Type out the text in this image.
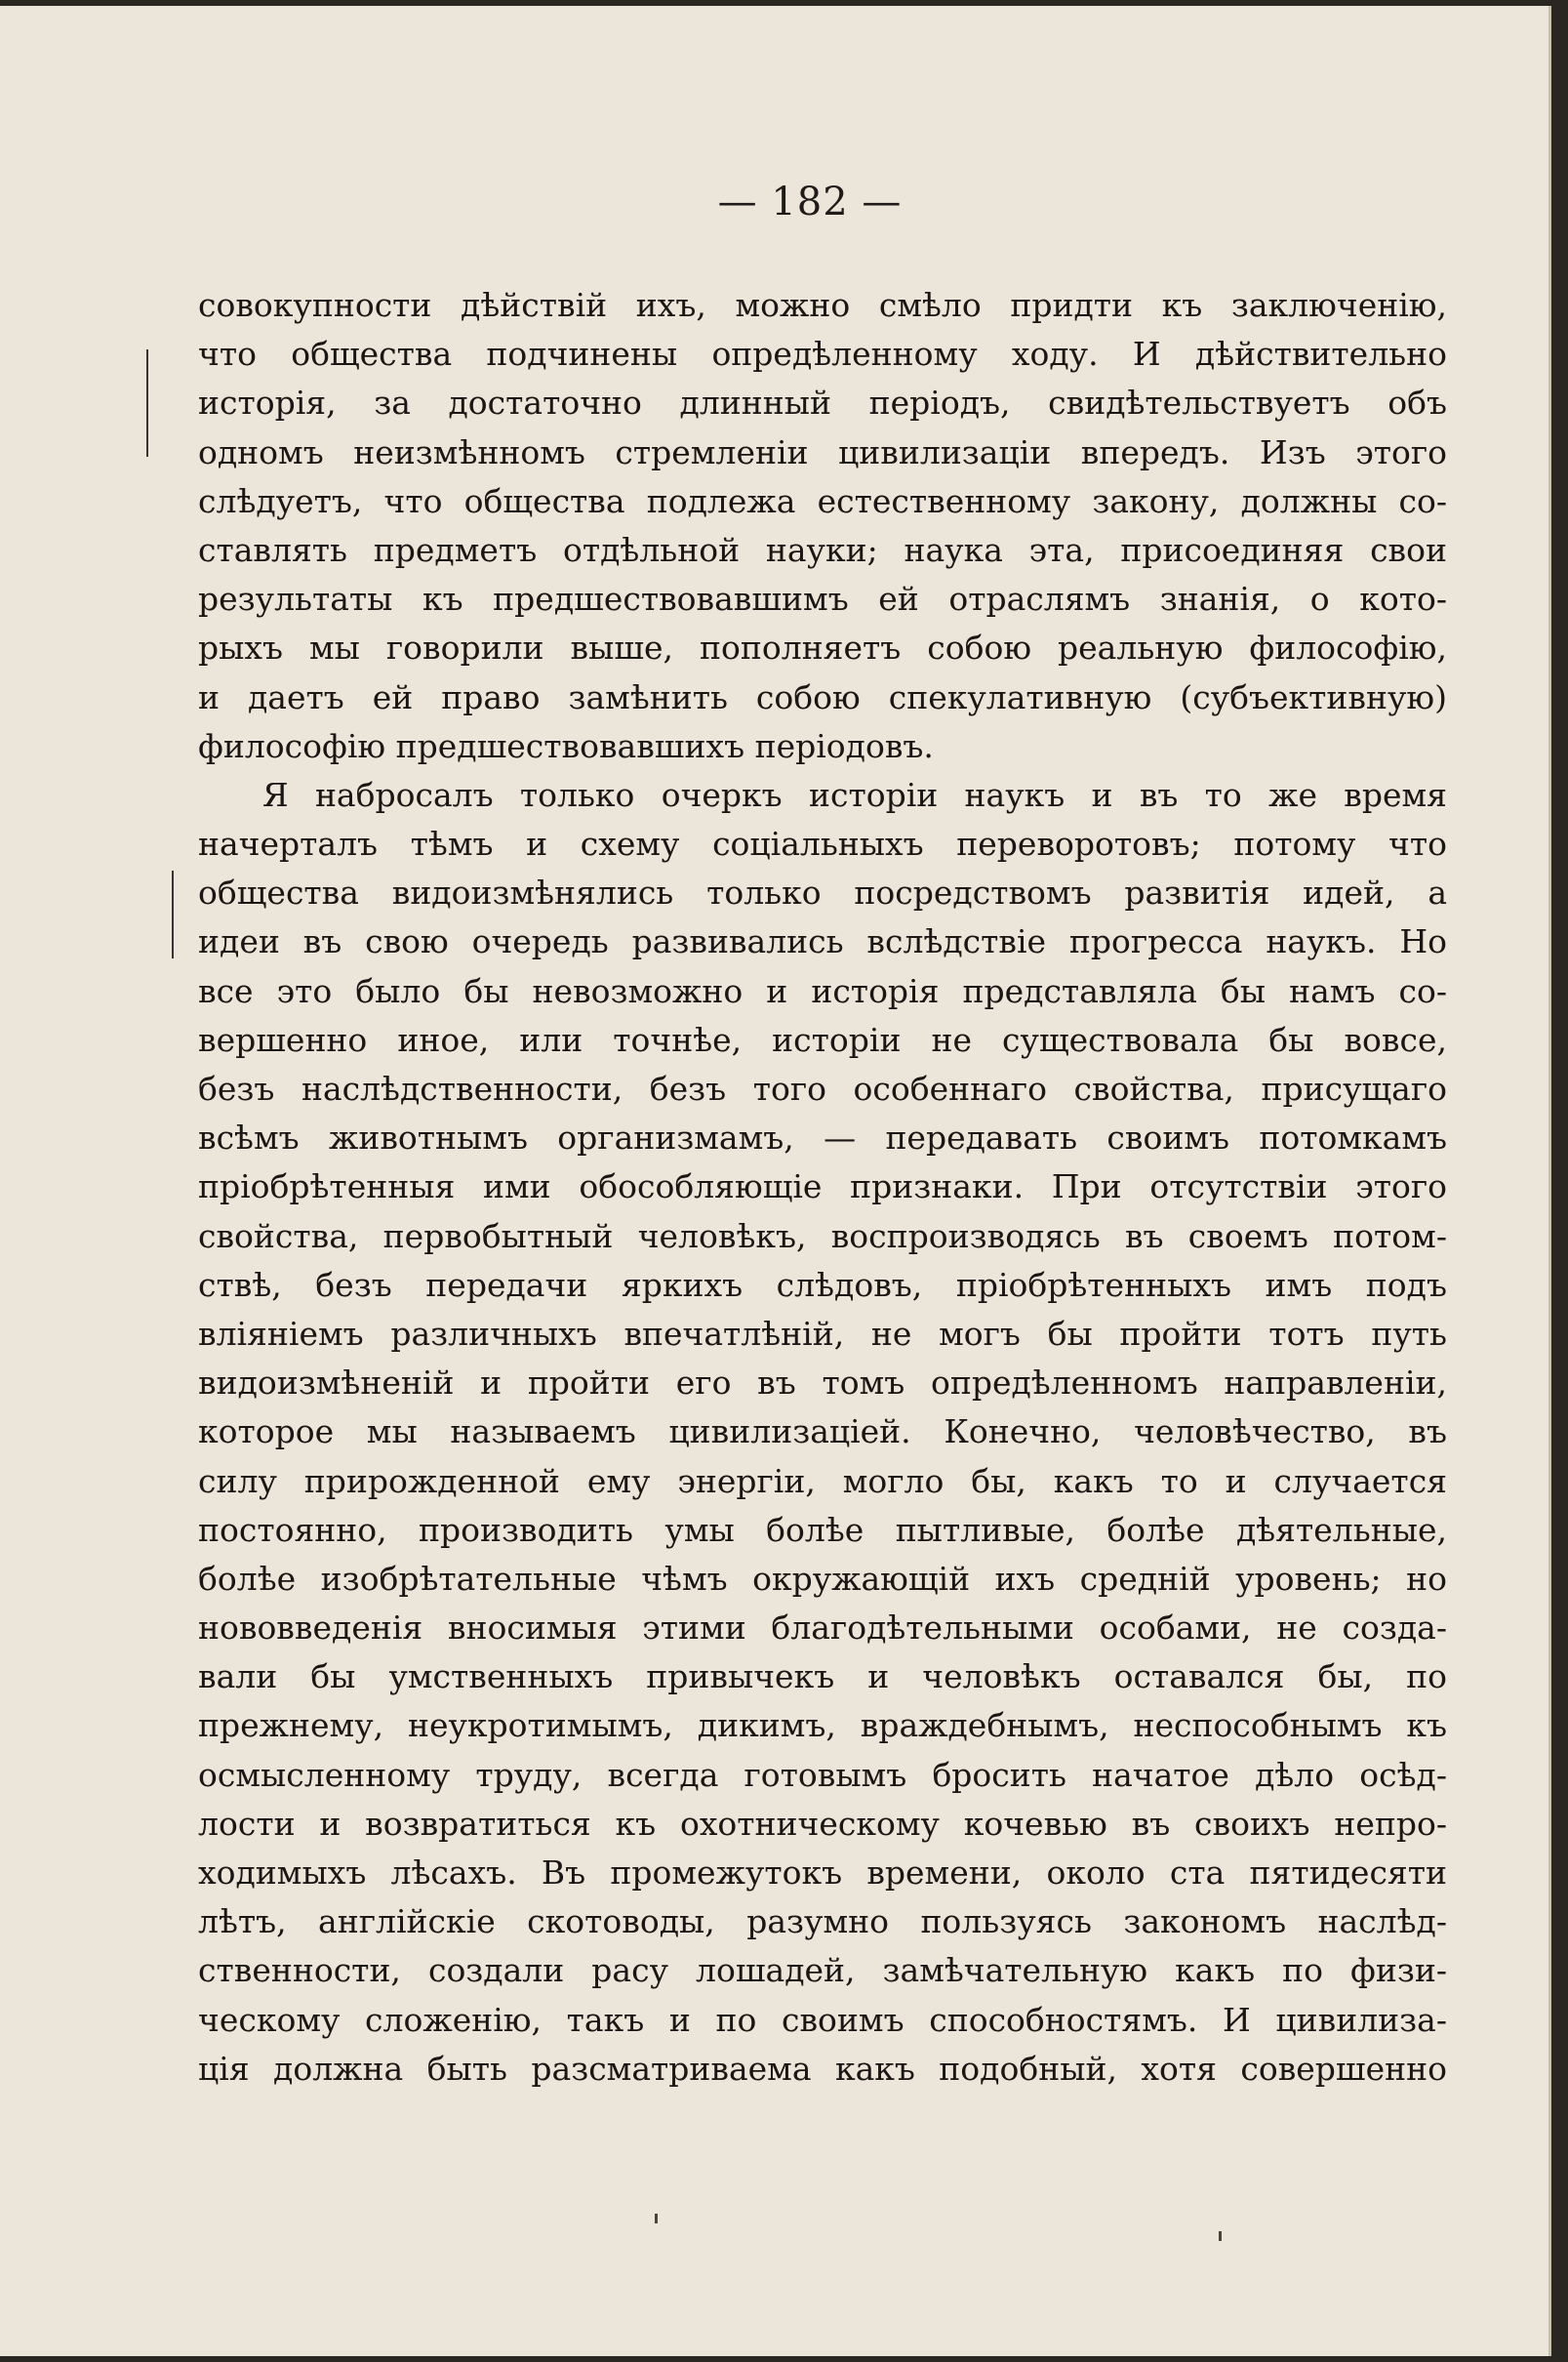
— 182 —
совокупности дѣйствій ихъ, можно смѣло придти къ заключенію,
что общества подчинены опредѣленному ходу. И дѣйствительно
исторія, за достаточно длинный періодъ, свидѣтельствуетъ объ
одномъ неизмѣнномъ стремленіи цивилизаціи впередъ. Изъ этого
слѣдуетъ, что общества подлежа естественному закону, должны со-
ставлять предметъ отдѣльной науки; наука эта, присоединяя свои
результаты къ предшествовавшимъ ей отраслямъ знанія, о кото-
рыхъ мы говорили выше, пополняетъ собою реальную философію,
и даетъ ей право замѣнить собою спекулативную (субъективную)
философію предшествовавшихъ періодовъ.
Я набросалъ только очеркъ исторіи наукъ и въ то же время
начерталъ тѣмъ и схему соціальныхъ переворотовъ; потому что
общества видоизмѣнялись только посредствомъ развитія идей, а
идеи въ свою очередь развивались вслѣдствіе прогресса наукъ. Но
все это было бы невозможно и исторія представляла бы намъ со-
вершенно иное, или точнѣе, исторіи не существовала бы вовсе,
безъ наслѣдственности, безъ того особеннаго свойства, присущаго
всѣмъ животнымъ организмамъ, — передавать своимъ потомкамъ
пріобрѣтенныя ими обособляющіе признаки. При отсутствіи этого
свойства, первобытный человѣкъ, воспроизводясь въ своемъ потом-
ствѣ, безъ передачи яркихъ слѣдовъ, пріобрѣтенныхъ имъ подъ
вліяніемъ различныхъ впечатлѣній, не могъ бы пройти тотъ путь
видоизмѣненій и пройти его въ томъ опредѣленномъ направленіи,
которое мы называемъ цивилизаціей. Конечно, человѣчество, въ
силу прирожденной ему энергіи, могло бы, какъ то и случается
постоянно, производить умы болѣе пытливые, болѣе дѣятельные,
болѣе изобрѣтательные чѣмъ окружающій ихъ средній уровень; но
нововведенія вносимыя этими благодѣтельными особами, не созда-
вали бы умственныхъ привычекъ и человѣкъ оставался бы, по
прежнему, неукротимымъ, дикимъ, враждебнымъ, неспособнымъ къ
осмысленному труду, всегда готовымъ бросить начатое дѣло осѣд-
лости и возвратиться къ охотническому кочевью въ своихъ непро-
ходимыхъ лѣсахъ. Въ промежутокъ времени, около ста пятидесяти
лѣтъ, англійскіе скотоводы, разумно пользуясь закономъ наслѣд-
ственности, создали расу лошадей, замѣчательную какъ по физи-
ческому сложенію, такъ и по своимъ способностямъ. И цивилиза-
ція должна быть разсматриваема какъ подобный, хотя совершенно
